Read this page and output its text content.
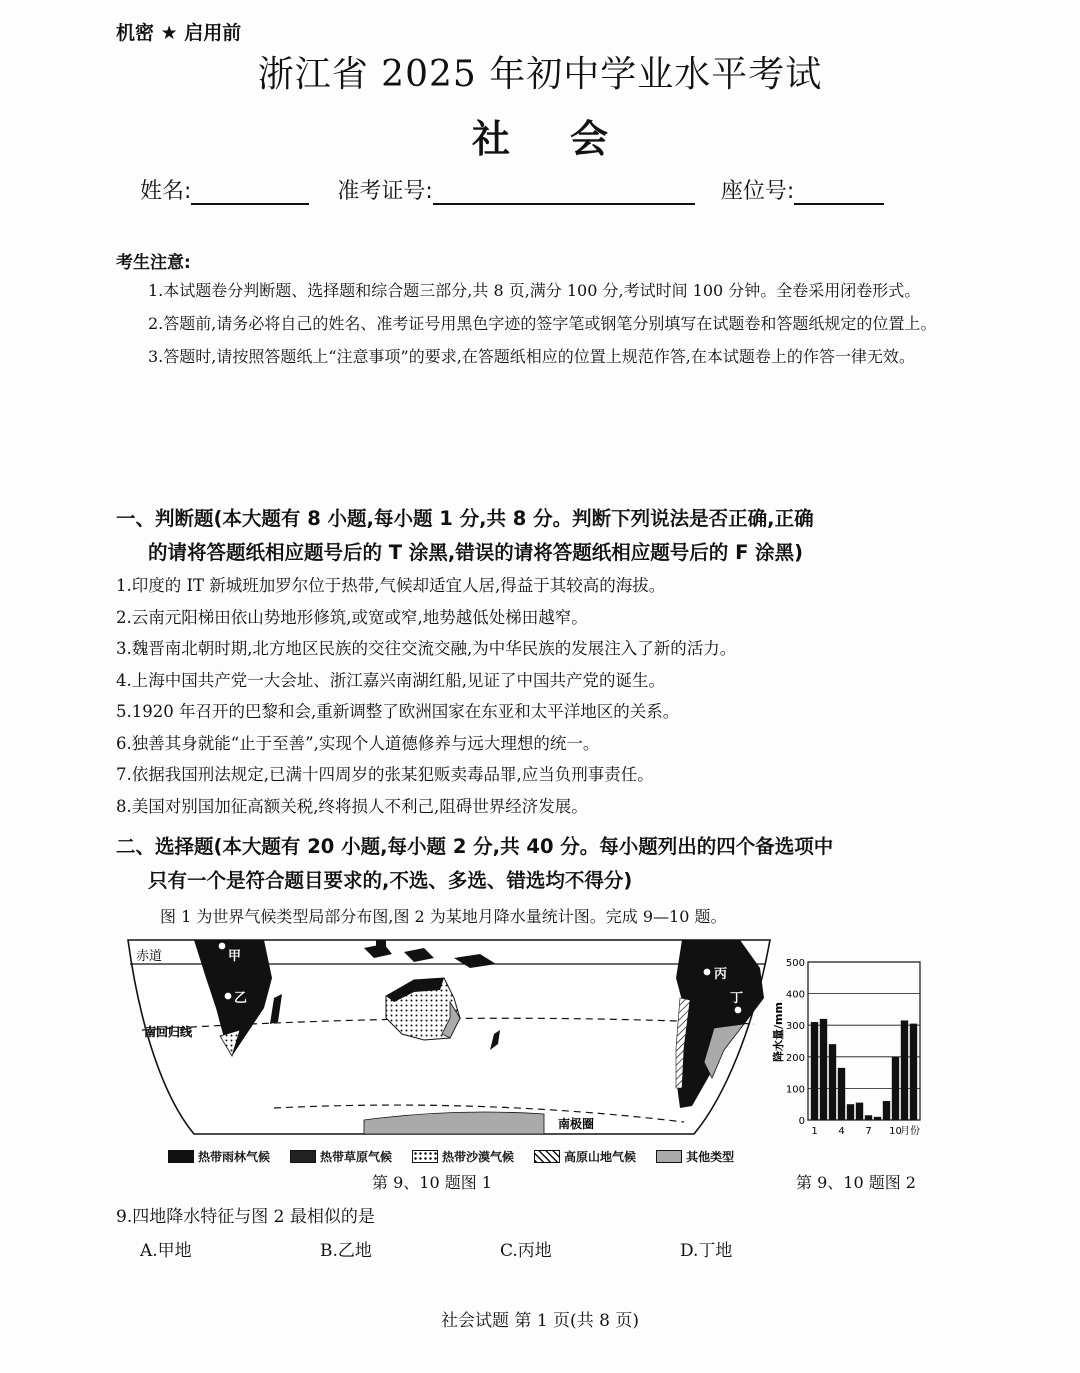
机密 ★ 启用前
浙江省 2025 年初中学业水平考试
社会
姓名:	准考证号:	座位号:
考生注意:

1.本试题卷分判断题、选择题和综合题三部分,共 8 页,满分 100 分,考试时间 100 分钟。全卷采用闭卷形式。

2.答题前,请务必将自己的姓名、准考证号用黑色字迹的签字笔或钢笔分别填写在试题卷和答题纸规定的位置上。

3.答题时,请按照答题纸上“注意事项”的要求,在答题纸相应的位置上规范作答,在本试题卷上的作答一律无效。

一、判断题(本大题有 8 小题,每小题 1 分,共 8 分。判断下列说法是否正确,正确
的请将答题纸相应题号后的 T 涂黑,错误的请将答题纸相应题号后的 F 涂黑)
1.印度的 IT 新城班加罗尔位于热带,气候却适宜人居,得益于其较高的海拔。
2.云南元阳梯田依山势地形修筑,或宽或窄,地势越低处梯田越窄。
3.魏晋南北朝时期,北方地区民族的交往交流交融,为中华民族的发展注入了新的活力。
4.上海中国共产党一大会址、浙江嘉兴南湖红船,见证了中国共产党的诞生。
5.1920 年召开的巴黎和会,重新调整了欧洲国家在东亚和太平洋地区的关系。
6.独善其身就能“止于至善”,实现个人道德修养与远大理想的统一。
7.依据我国刑法规定,已满十四周岁的张某犯贩卖毒品罪,应当负刑事责任。
8.美国对别国加征高额关税,终将损人不利己,阻碍世界经济发展。
二、选择题(本大题有 20 小题,每小题 2 分,共 40 分。每小题列出的四个备选项中
只有一个是符合题目要求的,不选、多选、错选均不得分)
图 1 为世界气候类型局部分布图,图 2 为某地月降水量统计图。完成 9—10 题。
赤道
南回归线
南极圈
甲
乙
丙
丁
热带雨林气候	热带草原气候	热带沙漠气候	高原山地气候	其他类型
第 9、10 题图 1
降水量/mm
0
100
200
300
400
500
1 4 7 10
月份
第 9、10 题图 2
9.四地降水特征与图 2 最相似的是
A.甲地	B.乙地	C.丙地	D.丁地
社会试题 第 1 页(共 8 页)
